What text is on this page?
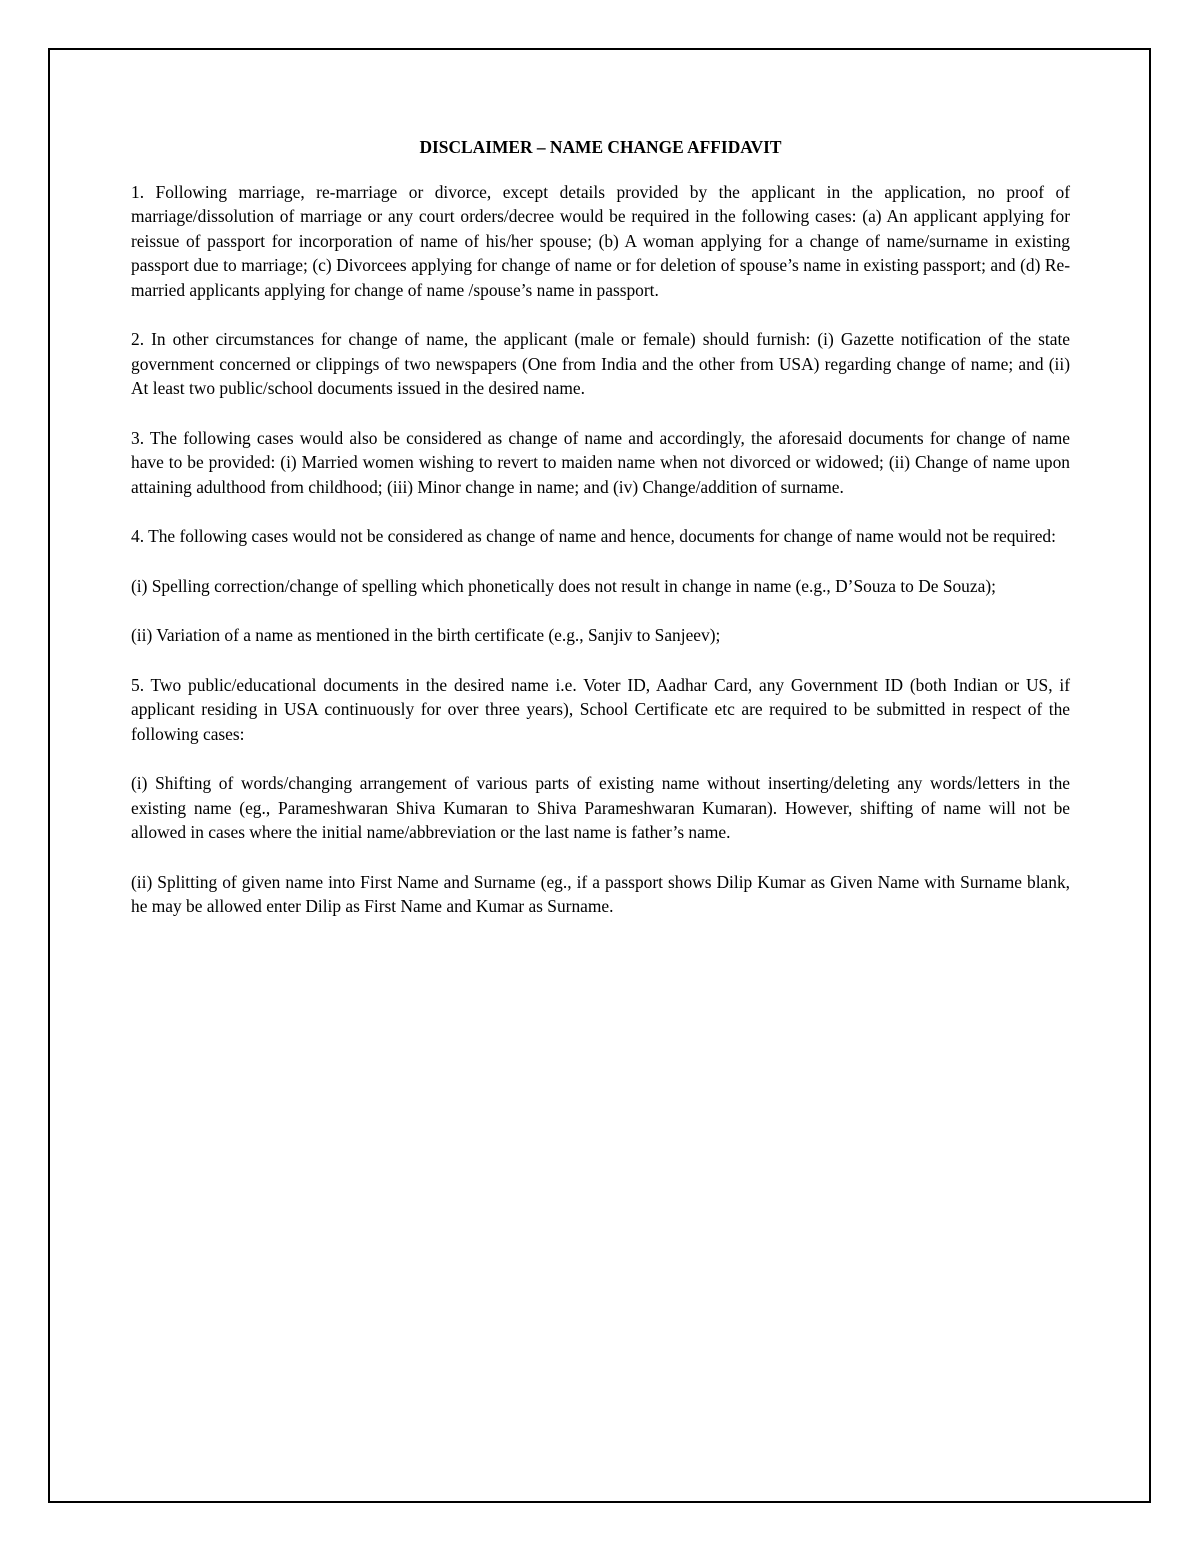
DISCLAIMER – NAME CHANGE AFFIDAVIT

1. Following marriage, re-marriage or divorce, except details provided by the applicant in the application, no proof of marriage/dissolution of marriage or any court orders/decree would be required in the following cases: (a) An applicant applying for reissue of passport for incorporation of name of his/her spouse; (b) A woman applying for a change of name/surname in existing passport due to marriage; (c) Divorcees applying for change of name or for deletion of spouse’s name in existing passport; and (d) Re-married applicants applying for change of name /spouse’s name in passport.

2. In other circumstances for change of name, the applicant (male or female) should furnish: (i) Gazette notification of the state government concerned or clippings of two newspapers (One from India and the other from USA) regarding change of name; and (ii) At least two public/school documents issued in the desired name.

3. The following cases would also be considered as change of name and accordingly, the aforesaid documents for change of name have to be provided: (i) Married women wishing to revert to maiden name when not divorced or widowed; (ii) Change of name upon attaining adulthood from childhood; (iii) Minor change in name; and (iv) Change/addition of surname.

4. The following cases would not be considered as change of name and hence, documents for change of name would not be required:

(i) Spelling correction/change of spelling which phonetically does not result in change in name (e.g., D’Souza to De Souza);

(ii) Variation of a name as mentioned in the birth certificate (e.g., Sanjiv to Sanjeev);

5. Two public/educational documents in the desired name i.e. Voter ID, Aadhar Card, any Government ID (both Indian or US, if applicant residing in USA continuously for over three years), School Certificate etc are required to be submitted in respect of the following cases:

(i) Shifting of words/changing arrangement of various parts of existing name without inserting/deleting any words/letters in the existing name (eg., Parameshwaran Shiva Kumaran to Shiva Parameshwaran Kumaran). However, shifting of name will not be allowed in cases where the initial name/abbreviation or the last name is father’s name.

(ii) Splitting of given name into First Name and Surname (eg., if a passport shows Dilip Kumar as Given Name with Surname blank, he may be allowed enter Dilip as First Name and Kumar as Surname.
